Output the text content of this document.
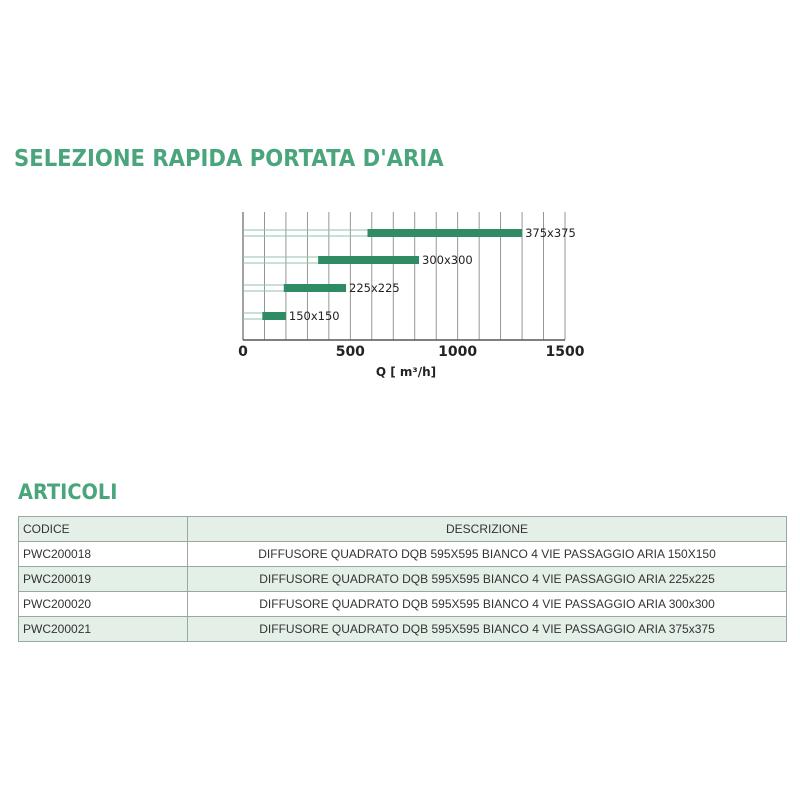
SELEZIONE RAPIDA PORTATA D'ARIA
375x375
300x300
225x225
150x150
0	500	1000	1500
Q [ m³/h]
ARTICOLI
CODICE	DESCRIZIONE
PWC200018	DIFFUSORE QUADRATO DQB 595X595 BIANCO 4 VIE PASSAGGIO ARIA 150X150
PWC200019	DIFFUSORE QUADRATO DQB 595X595 BIANCO 4 VIE PASSAGGIO ARIA 225x225
PWC200020	DIFFUSORE QUADRATO DQB 595X595 BIANCO 4 VIE PASSAGGIO ARIA 300x300
PWC200021	DIFFUSORE QUADRATO DQB 595X595 BIANCO 4 VIE PASSAGGIO ARIA 375x375
